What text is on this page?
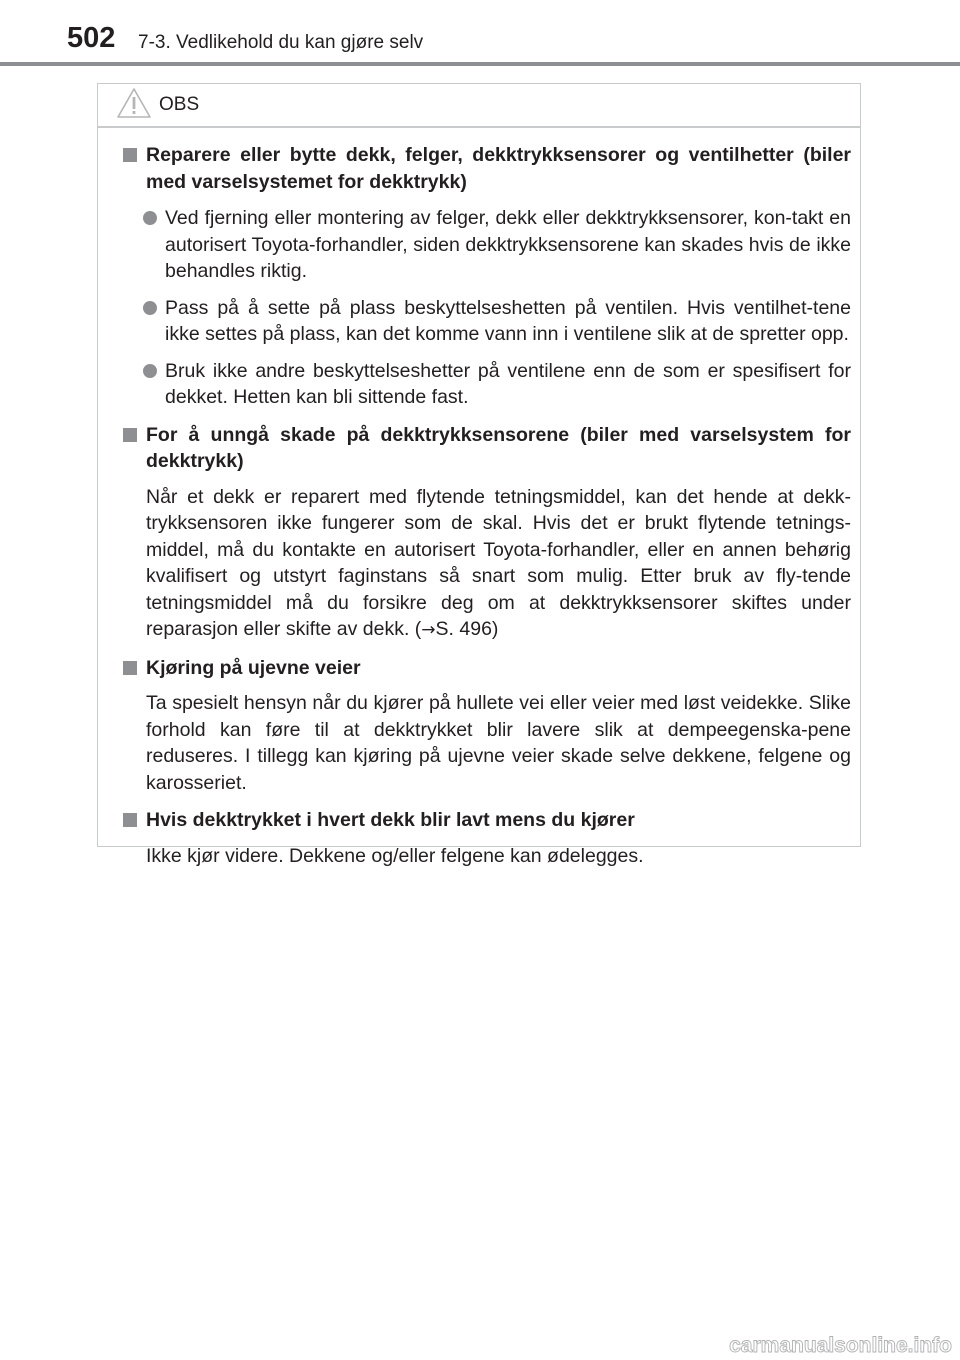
502 7-3. Vedlikehold du kan gjøre selv
OBS
Reparere eller bytte dekk, felger, dekktrykksensorer og ventilhetter (biler med varselsystemet for dekktrykk)
Ved fjerning eller montering av felger, dekk eller dekktrykksensorer, kon-takt en autorisert Toyota-forhandler, siden dekktrykksensorene kan skades hvis de ikke behandles riktig.
Pass på å sette på plass beskyttelseshetten på ventilen. Hvis ventilhet-tene ikke settes på plass, kan det komme vann inn i ventilene slik at de spretter opp.
Bruk ikke andre beskyttelseshetter på ventilene enn de som er spesifisert for dekket. Hetten kan bli sittende fast.
For å unngå skade på dekktrykksensorene (biler med varselsystem for dekktrykk)
Når et dekk er reparert med flytende tetningsmiddel, kan det hende at dekk-trykksensoren ikke fungerer som de skal. Hvis det er brukt flytende tetnings-middel, må du kontakte en autorisert Toyota-forhandler, eller en annen behørig kvalifisert og utstyrt faginstans så snart som mulig. Etter bruk av fly-tende tetningsmiddel må du forsikre deg om at dekktrykksensorer skiftes under reparasjon eller skifte av dekk. (→S. 496)
Kjøring på ujevne veier
Ta spesielt hensyn når du kjører på hullete vei eller veier med løst veidekke. Slike forhold kan føre til at dekktrykket blir lavere slik at dempeegenska-pene reduseres. I tillegg kan kjøring på ujevne veier skade selve dekkene, felgene og karosseriet.
Hvis dekktrykket i hvert dekk blir lavt mens du kjører
Ikke kjør videre. Dekkene og/eller felgene kan ødelegges.
carmanualsonline.info
